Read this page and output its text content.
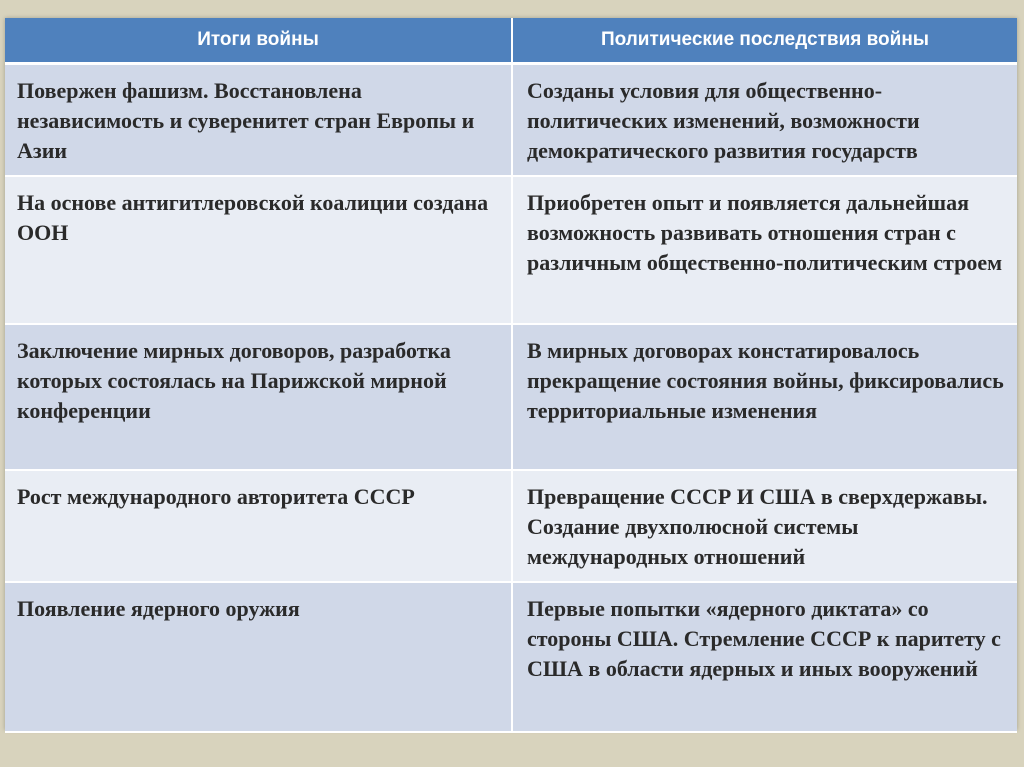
Итоги войны	Политические последствия войны
Повержен фашизм. Восстановлена независимость и суверенитет стран Европы и Азии	Созданы условия для общественно-политических изменений, возможности демократического развития государств
На основе антигитлеровской коалиции создана ООН	Приобретен опыт и появляется дальнейшая возможность развивать отношения стран с различным общественно-политическим строем
Заключение мирных договоров, разработка которых состоялась на Парижской мирной конференции	В мирных договорах констатировалось прекращение состояния войны, фиксировались территориальные изменения
Рост международного авторитета СССР	Превращение СССР И США в сверхдержавы. Создание двухполюсной системы международных отношений
Появление ядерного оружия	Первые попытки «ядерного диктата» со стороны США. Стремление СССР к паритету с США в области ядерных и иных вооружений
